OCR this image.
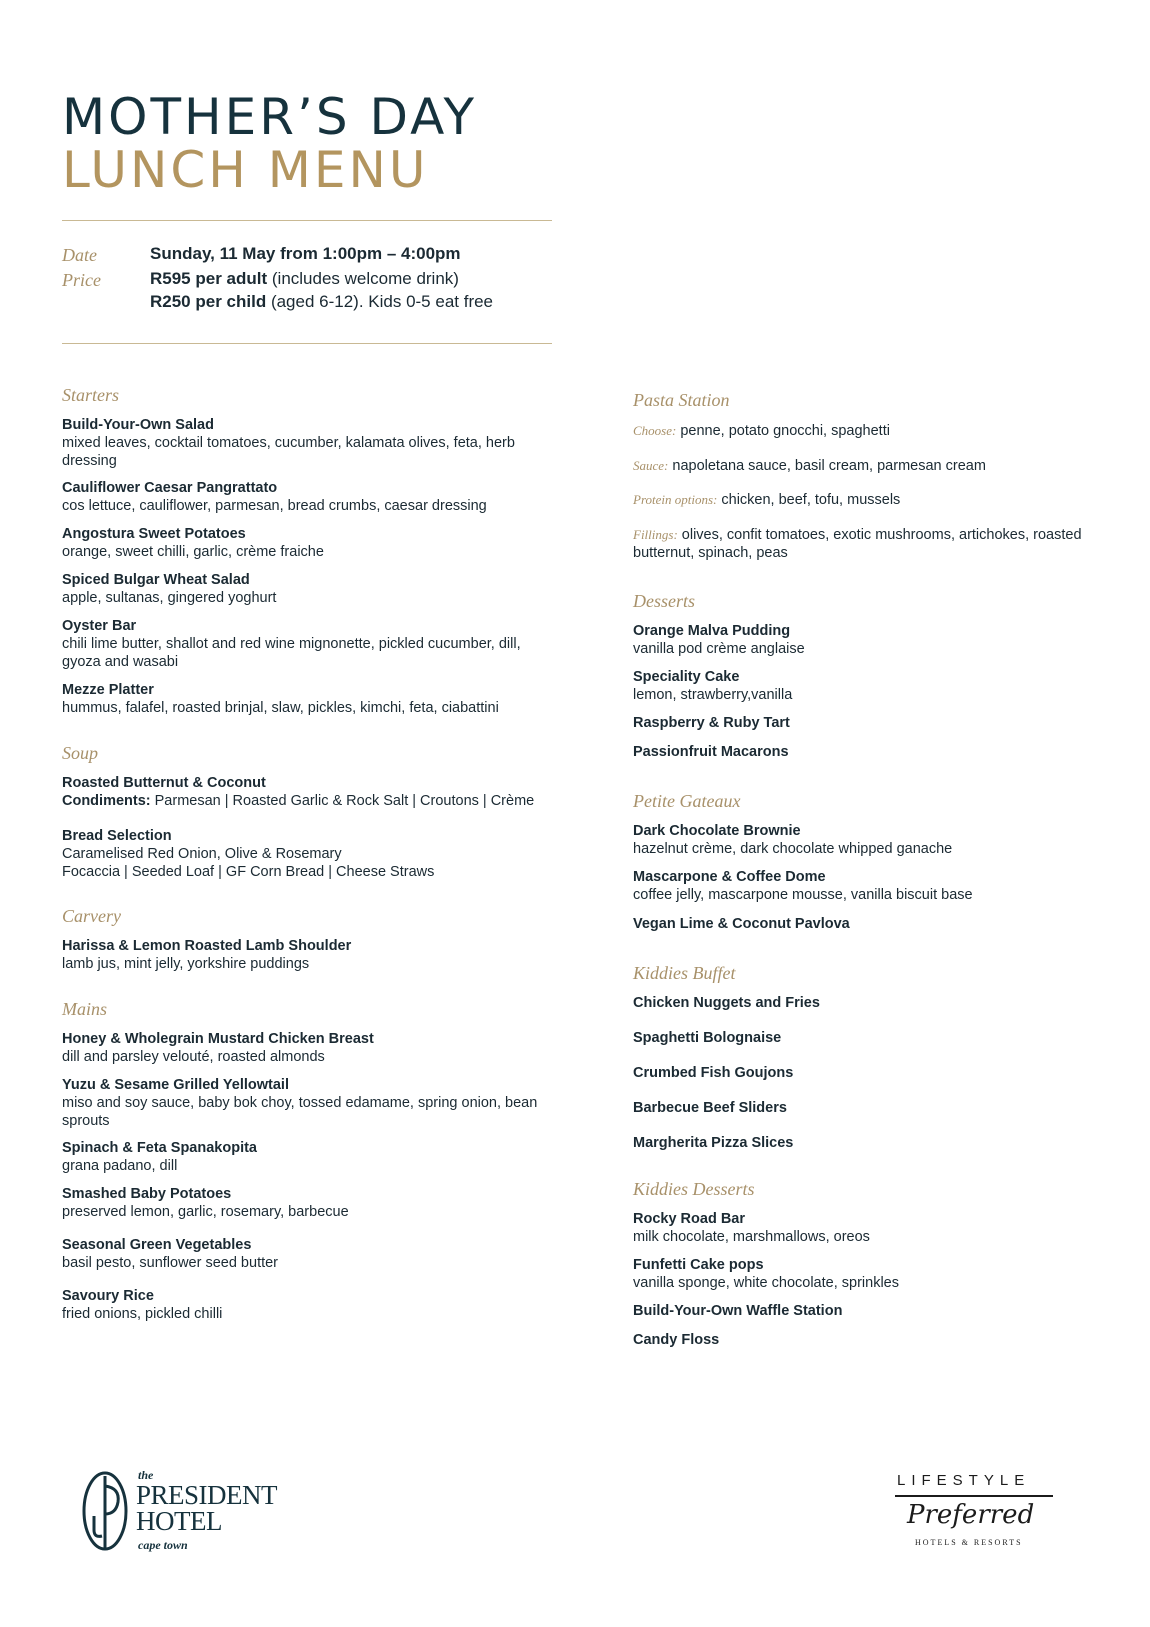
MOTHER’S DAY
LUNCH MENU
Date	Sunday, 11 May from 1:00pm – 4:00pm
Price	R595 per adult (includes welcome drink)
R250 per child (aged 6-12). Kids 0-5 eat free
Starters
Build-Your-Own Salad
mixed leaves, cocktail tomatoes, cucumber, kalamata olives, feta, herb dressing
Cauliflower Caesar Pangrattato
cos lettuce, cauliflower, parmesan, bread crumbs, caesar dressing
Angostura Sweet Potatoes
orange, sweet chilli, garlic, crème fraiche
Spiced Bulgar Wheat Salad
apple, sultanas, gingered yoghurt
Oyster Bar
chili lime butter, shallot and red wine mignonette, pickled cucumber, dill, gyoza and wasabi
Mezze Platter
hummus, falafel, roasted brinjal, slaw, pickles, kimchi, feta, ciabattini
Soup
Roasted Butternut & Coconut
Condiments: Parmesan | Roasted Garlic & Rock Salt | Croutons | Crème
Bread Selection
Caramelised Red Onion, Olive & Rosemary
Focaccia | Seeded Loaf | GF Corn Bread | Cheese Straws
Carvery
Harissa & Lemon Roasted Lamb Shoulder
lamb jus, mint jelly, yorkshire puddings
Mains
Honey & Wholegrain Mustard Chicken Breast
dill and parsley velouté, roasted almonds
Yuzu & Sesame Grilled Yellowtail
miso and soy sauce, baby bok choy, tossed edamame, spring onion, bean sprouts
Spinach & Feta Spanakopita
grana padano, dill
Smashed Baby Potatoes
preserved lemon, garlic, rosemary, barbecue
Seasonal Green Vegetables
basil pesto, sunflower seed butter
Savoury Rice
fried onions, pickled chilli
Pasta Station
Choose: penne, potato gnocchi, spaghetti
Sauce: napoletana sauce, basil cream, parmesan cream
Protein options: chicken, beef, tofu, mussels
Fillings: olives, confit tomatoes, exotic mushrooms, artichokes, roasted butternut, spinach, peas
Desserts
Orange Malva Pudding
vanilla pod crème anglaise
Speciality Cake
lemon, strawberry,vanilla
Raspberry & Ruby Tart
Passionfruit Macarons
Petite Gateaux
Dark Chocolate Brownie
hazelnut crème, dark chocolate whipped ganache
Mascarpone & Coffee Dome
coffee jelly, mascarpone mousse, vanilla biscuit base
Vegan Lime & Coconut Pavlova
Kiddies Buffet
Chicken Nuggets and Fries
Spaghetti Bolognaise
Crumbed Fish Goujons
Barbecue Beef Sliders
Margherita Pizza Slices
Kiddies Desserts
Rocky Road Bar
milk chocolate, marshmallows, oreos
Funfetti Cake pops
vanilla sponge, white chocolate, sprinkles
Build-Your-Own Waffle Station
Candy Floss
the
PRESIDENT
HOTEL
cape town
LIFESTYLE
Preferred
HOTELS & RESORTS
